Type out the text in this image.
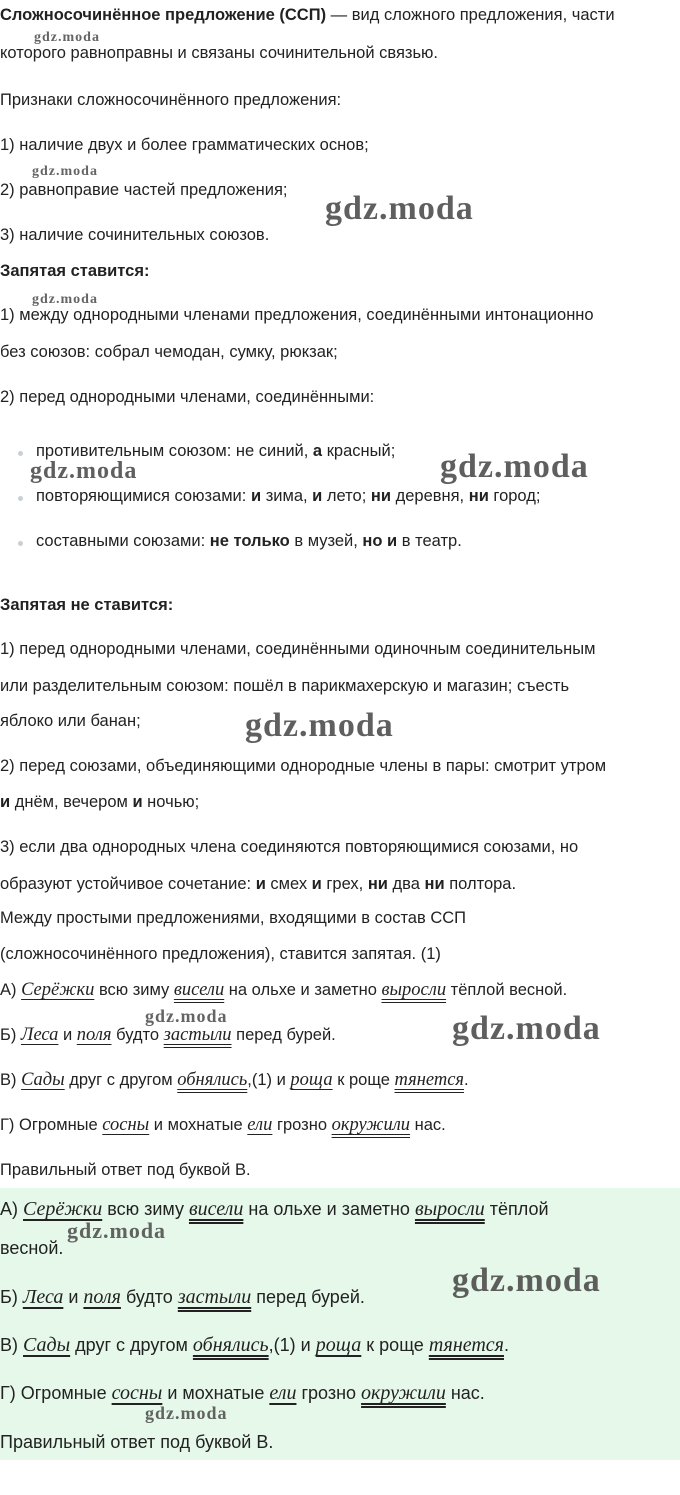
Сложносочинённое предложение (ССП) — вид сложного предложения, части
которого равноправны и связаны сочинительной связью.
Признаки сложносочинённого предложения:
1) наличие двух и более грамматических основ;
2) равноправие частей предложения;
3) наличие сочинительных союзов.
Запятая ставится:
1) между однородными членами предложения, соединёнными интонационно
без союзов: собрал чемодан, сумку, рюкзак;
2) перед однородными членами, соединёнными:
противительным союзом: не синий, а красный;
повторяющимися союзами: и зима, и лето; ни деревня, ни город;
составными союзами: не только в музей, но и в театр.
Запятая не ставится:
1) перед однородными членами, соединёнными одиночным соединительным
или разделительным союзом: пошёл в парикмахерскую и магазин; съесть
яблоко или банан;
2) перед союзами, объединяющими однородные члены в пары: смотрит утром
и днём, вечером и ночью;
3) если два однородных члена соединяются повторяющимися союзами, но
образуют устойчивое сочетание: и смех и грех, ни два ни полтора.
Между простыми предложениями, входящими в состав ССП
(сложносочинённого предложения), ставится запятая. (1)
А) Серёжки всю зиму висели на ольхе и заметно выросли тёплой весной.
Б) Леса и поля будто застыли перед бурей.
В) Сады друг с другом обнялись,(1) и роща к роще тянется.
Г) Огромные сосны и мохнатые ели грозно окружили нас.
Правильный ответ под буквой В.
А) Серёжки всю зиму висели на ольхе и заметно выросли тёплой
весной.
Б) Леса и поля будто застыли перед бурей.
В) Сады друг с другом обнялись,(1) и роща к роще тянется.
Г) Огромные сосны и мохнатые ели грозно окружили нас.
Правильный ответ под буквой В.
gdz.moda
gdz.moda
gdz.moda
gdz.moda
gdz.moda	gdz.moda
gdz.moda
gdz.moda	gdz.moda
gdz.moda
gdz.moda
gdz.moda
